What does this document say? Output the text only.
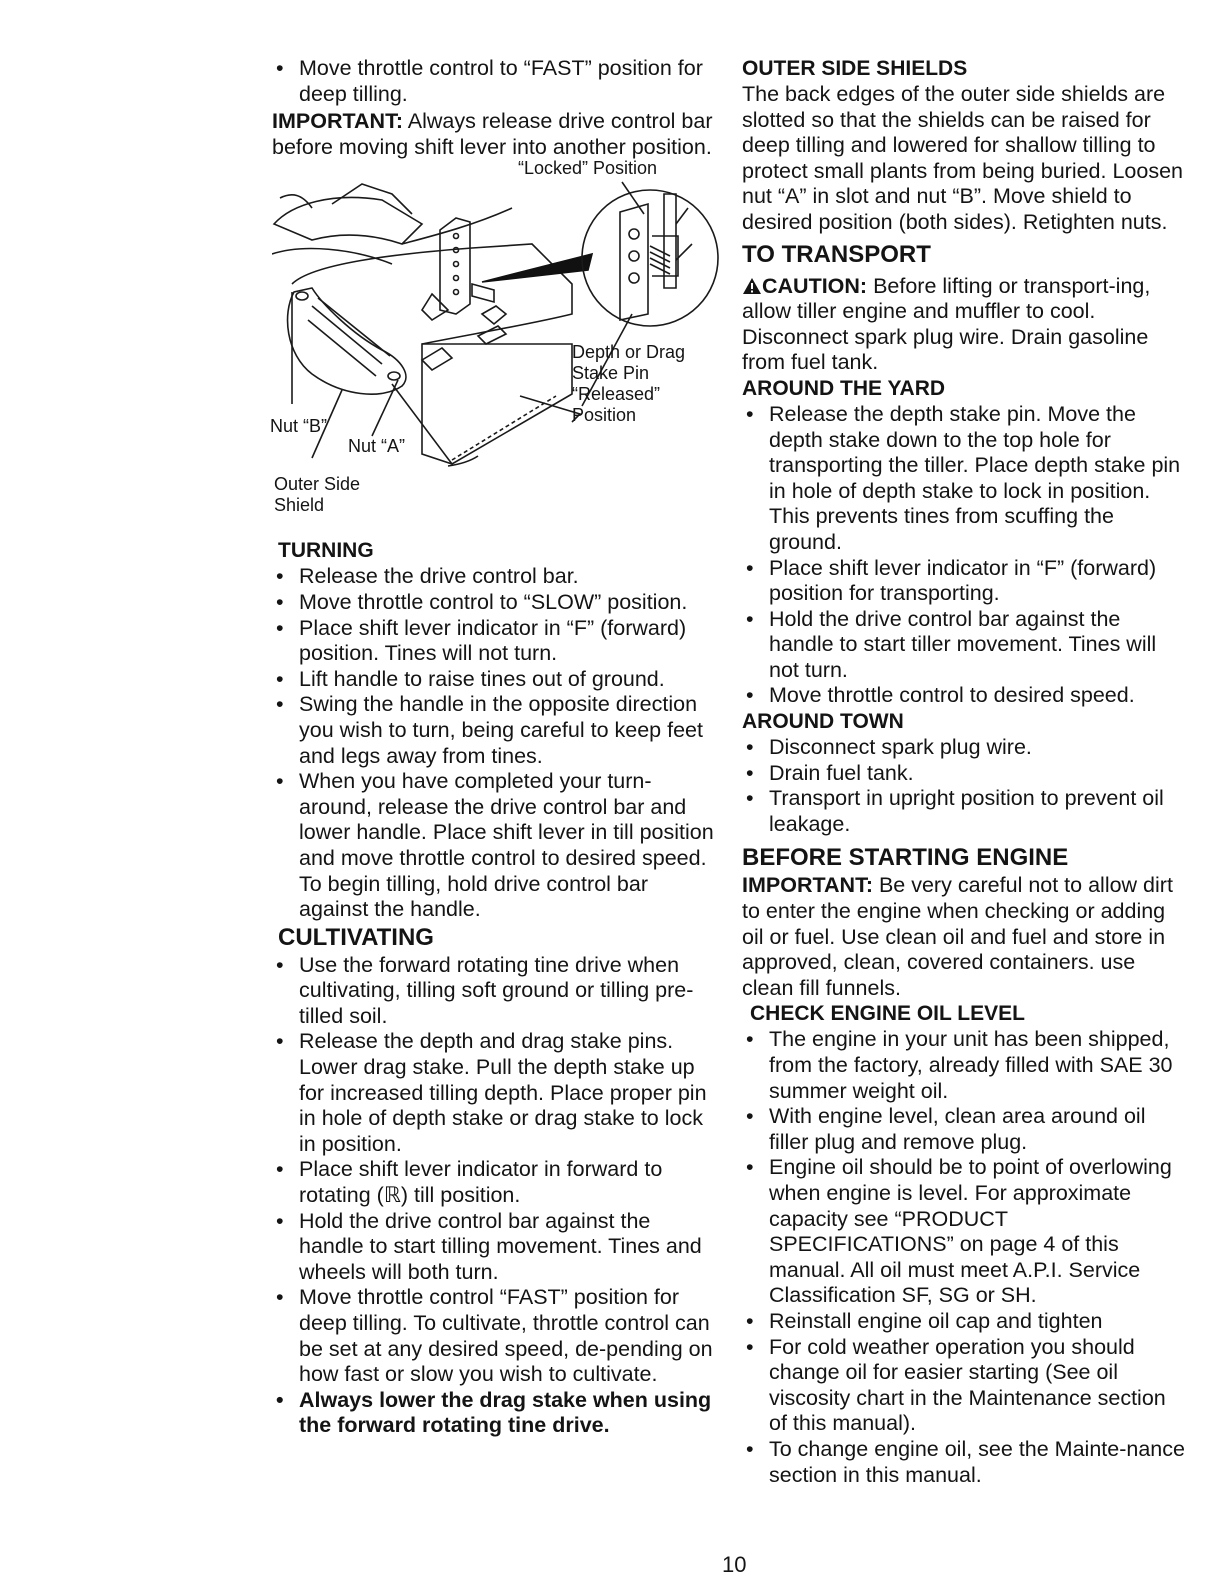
• Move throttle control to “FAST” position for deep tilling.

IMPORTANT: Always release drive control bar before moving shift lever into another position.

“Locked” Position
Depth or Drag
Stake Pin
“Released”
Position
Nut “B”
Nut “A”
Outer Side
Shield
TURNING
• Release the drive control bar.
• Move throttle control to “SLOW” position.
• Place shift lever indicator in “F” (forward) position. Tines will not turn.
• Lift handle to raise tines out of ground.
• Swing the handle in the opposite direction you wish to turn, being careful to keep feet and legs away from tines.
• When you have completed your turn-around, release the drive control bar and lower handle. Place shift lever in till position and move throttle control to desired speed. To begin tilling, hold drive control bar against the handle.
CULTIVATING
• Use the forward rotating tine drive when cultivating, tilling soft ground or tilling pre-tilled soil.
• Release the depth and drag stake pins. Lower drag stake. Pull the depth stake up for increased tilling depth. Place proper pin in hole of depth stake or drag stake to lock in position.
• Place shift lever indicator in forward to rotating (ℝ) till position.
• Hold the drive control bar against the handle to start tilling movement. Tines and wheels will both turn.
• Move throttle control “FAST” position for deep tilling. To cultivate, throttle control can be set at any desired speed, de-pending on how fast or slow you wish to cultivate.
• Always lower the drag stake when using the forward rotating tine drive.
OUTER SIDE SHIELDS

The back edges of the outer side shields are slotted so that the shields can be raised for deep tilling and lowered for shallow tilling to protect small plants from being buried. Loosen nut “A” in slot and nut “B”. Move shield to desired position (both sides). Retighten nuts.

TO TRANSPORT

CAUTION: Before lifting or transport-ing, allow tiller engine and muffler to cool. Disconnect spark plug wire. Drain gasoline from fuel tank.

AROUND THE YARD
• Release the depth stake pin. Move the depth stake down to the top hole for transporting the tiller. Place depth stake pin in hole of depth stake to lock in position. This prevents tines from scuffing the ground.
• Place shift lever indicator in “F” (forward) position for transporting.
• Hold the drive control bar against the handle to start tiller movement. Tines will not turn.
• Move throttle control to desired speed.
AROUND TOWN
• Disconnect spark plug wire.
• Drain fuel tank.
• Transport in upright position to prevent oil leakage.
BEFORE STARTING ENGINE

IMPORTANT: Be very careful not to allow dirt to enter the engine when checking or adding oil or fuel. Use clean oil and fuel and store in approved, clean, covered containers. use clean fill funnels.

CHECK ENGINE OIL LEVEL
• The engine in your unit has been shipped, from the factory, already filled with SAE 30 summer weight oil.
• With engine level, clean area around oil filler plug and remove plug.
• Engine oil should be to point of overlowing when engine is level. For approximate capacity see “PRODUCT SPECIFICATIONS” on page 4 of this manual. All oil must meet A.P.I. Service Classification SF, SG or SH.
• Reinstall engine oil cap and tighten
• For cold weather operation you should change oil for easier starting (See oil viscosity chart in the Maintenance section of this manual).
• To change engine oil, see the Mainte-nance section in this manual.
10
